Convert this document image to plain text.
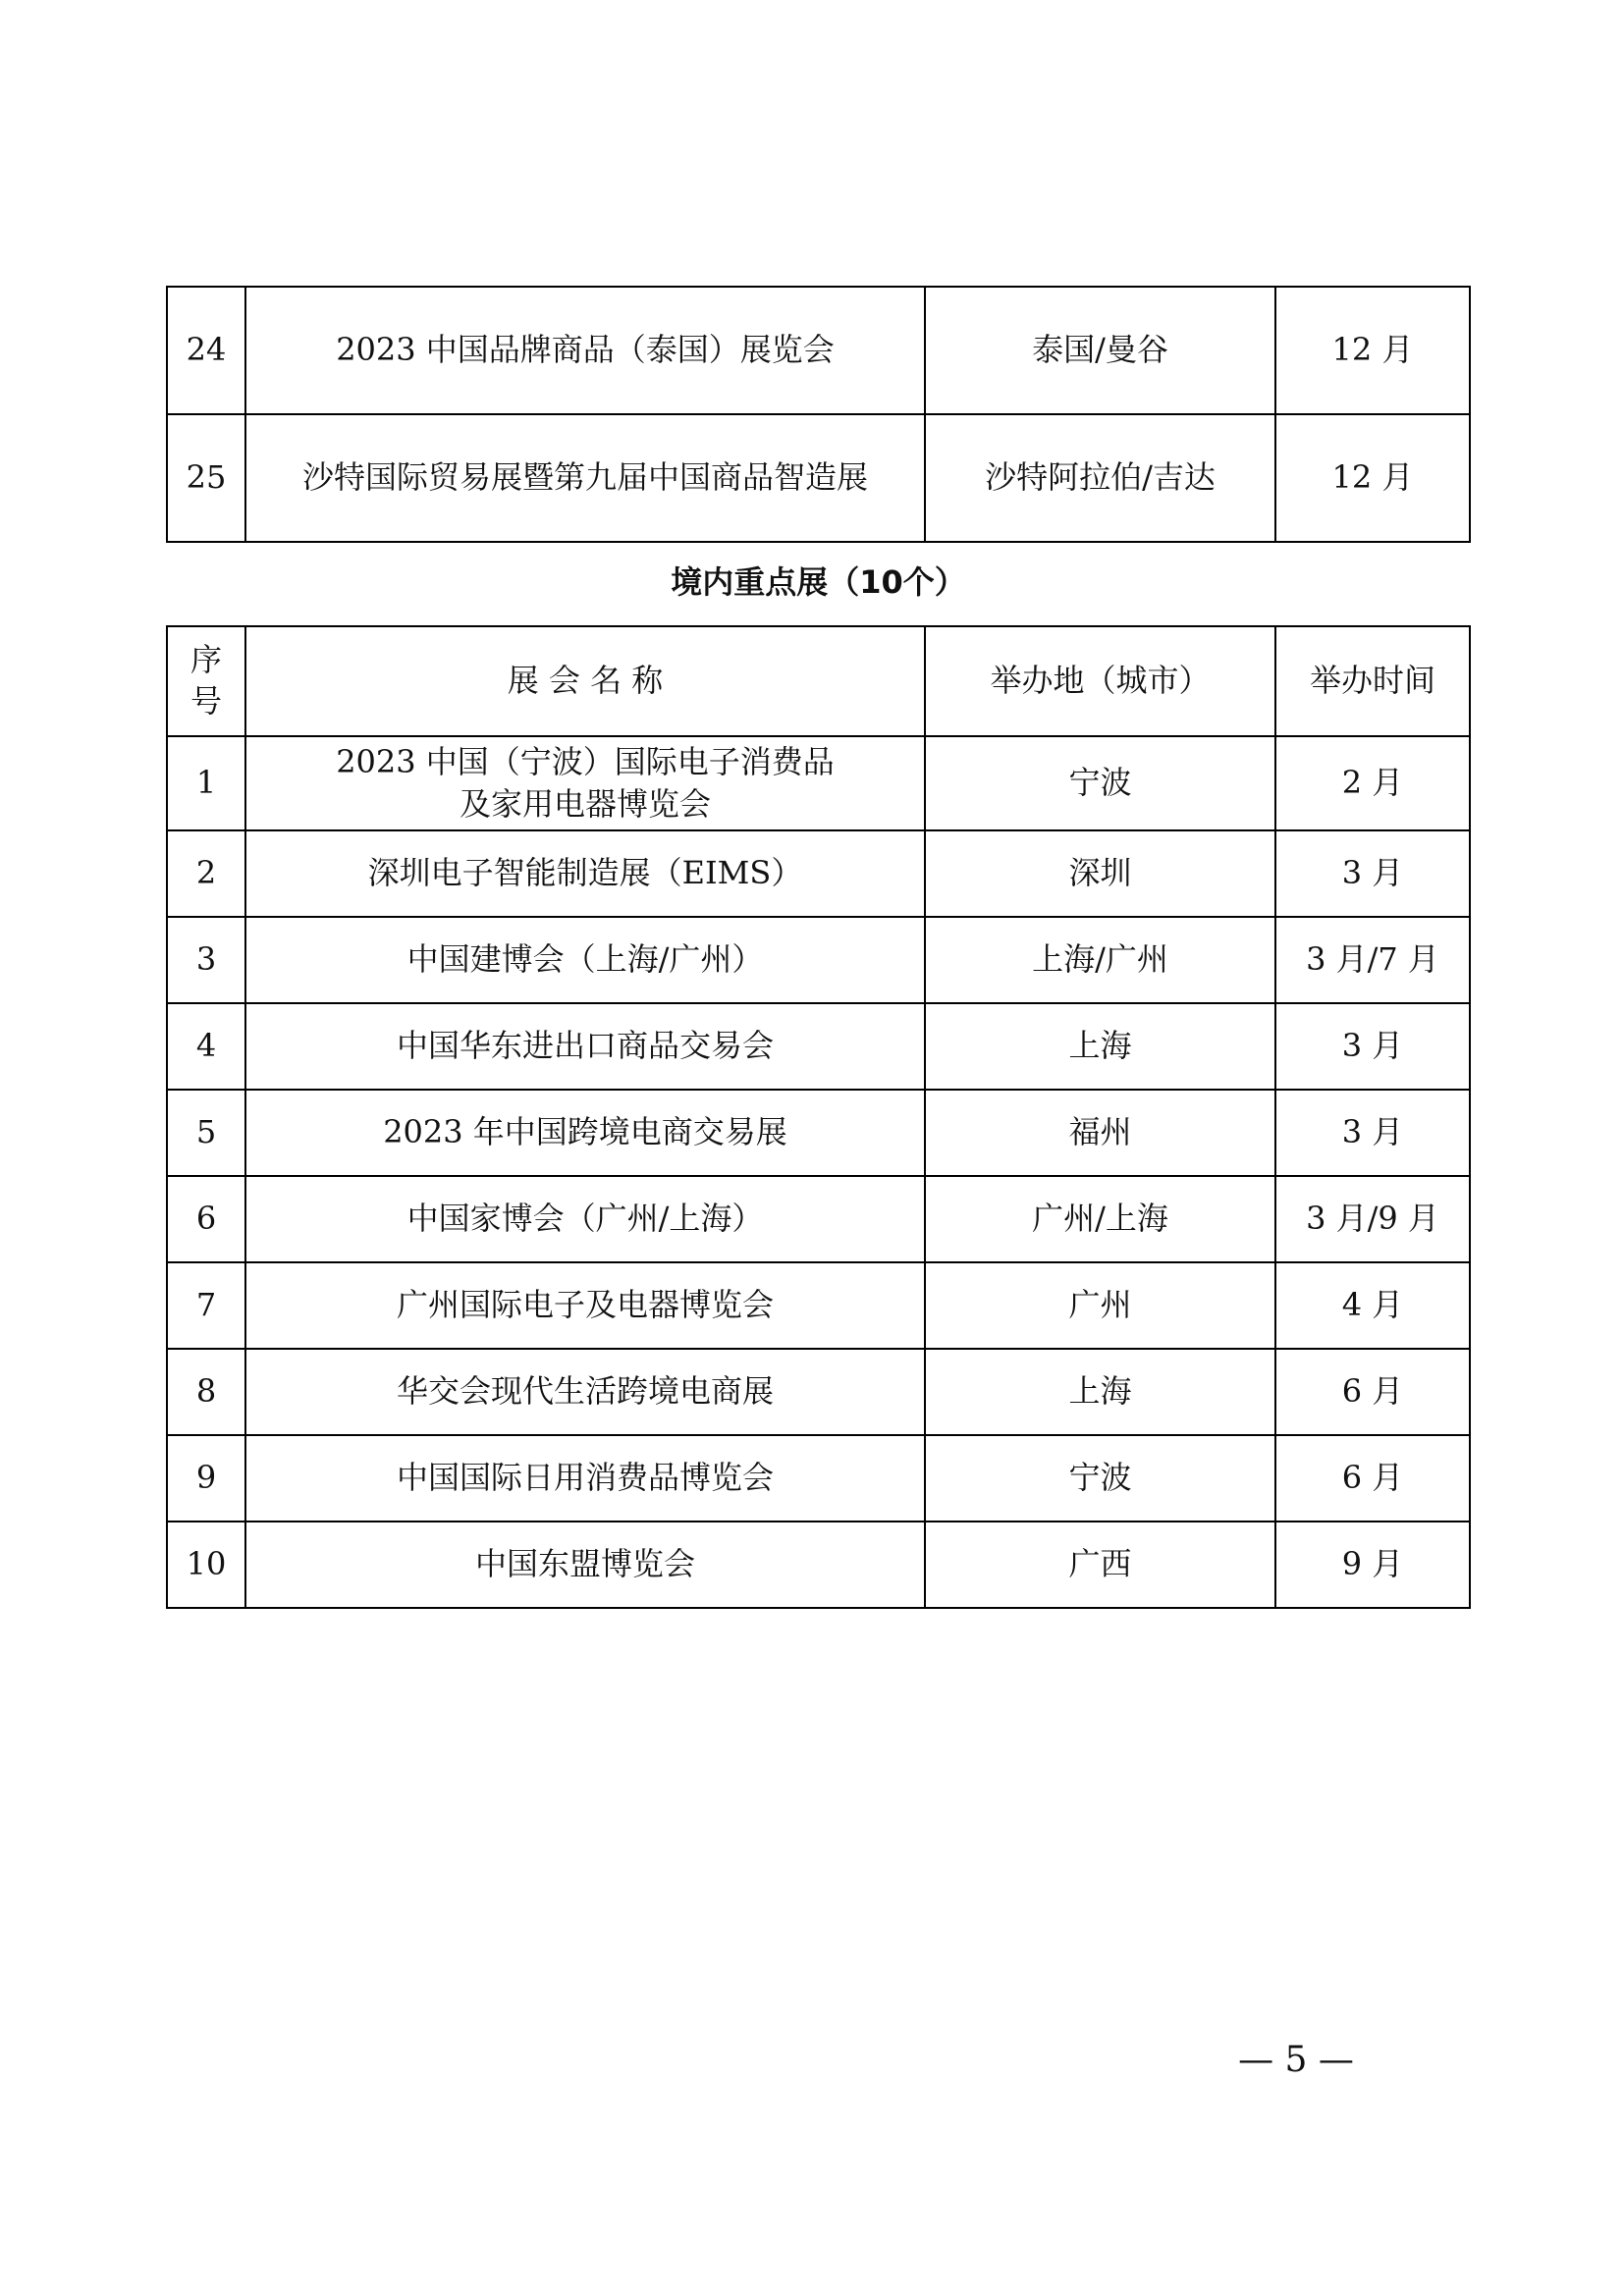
24	2023 中国品牌商品（泰国）展览会	泰国/曼谷	12 月
25	沙特国际贸易展暨第九届中国商品智造展	沙特阿拉伯/吉达	12 月
境内重点展（10个）
序号	展 会 名 称	举办地（城市）	举办时间
1	2023 中国（宁波）国际电子消费品
及家用电器博览会	宁波	2 月
2	深圳电子智能制造展（EIMS）	深圳	3 月
3	中国建博会（上海/广州）	上海/广州	3 月/7 月
4	中国华东进出口商品交易会	上海	3 月
5	2023 年中国跨境电商交易展	福州	3 月
6	中国家博会（广州/上海）	广州/上海	3 月/9 月
7	广州国际电子及电器博览会	广州	4 月
8	华交会现代生活跨境电商展	上海	6 月
9	中国国际日用消费品博览会	宁波	6 月
10	中国东盟博览会	广西	9 月
— 5 —
